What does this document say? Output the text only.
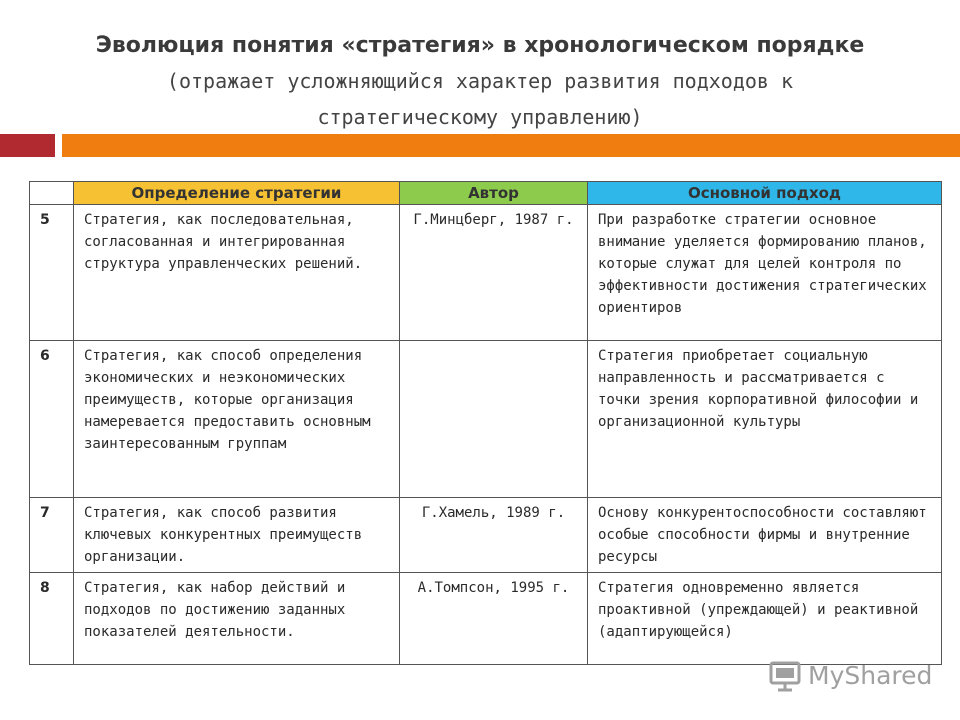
Эволюция понятия «стратегия» в хронологическом порядке
(отражает усложняющийся характер развития подходов к
стратегическому управлению)
	Определение стратегии	Автор	Основной подход
5	Стратегия, как последовательная, согласованная и интегрированная структура управленческих решений.	Г.Минцберг, 1987 г.	При разработке стратегии основное внимание уделяется формированию планов, которые служат для целей контроля по эффективности достижения стратегических ориентиров
6	Стратегия, как способ определения экономических и неэкономических преимуществ, которые организация намеревается предоставить основным заинтересованным группам		Стратегия приобретает социальную направленность и рассматривается с точки зрения корпоративной философии и организационной культуры
7	Стратегия, как способ развития ключевых конкурентных преимуществ организации.	Г.Хамель, 1989 г.	Основу конкурентоспособности составляют особые способности фирмы и внутренние ресурсы
8	Стратегия, как набор действий и подходов по достижению заданных показателей деятельности.	А.Томпсон, 1995 г.	Стратегия одновременно является проактивной (упреждающей) и реактивной (адаптирующейся)
MyShared
